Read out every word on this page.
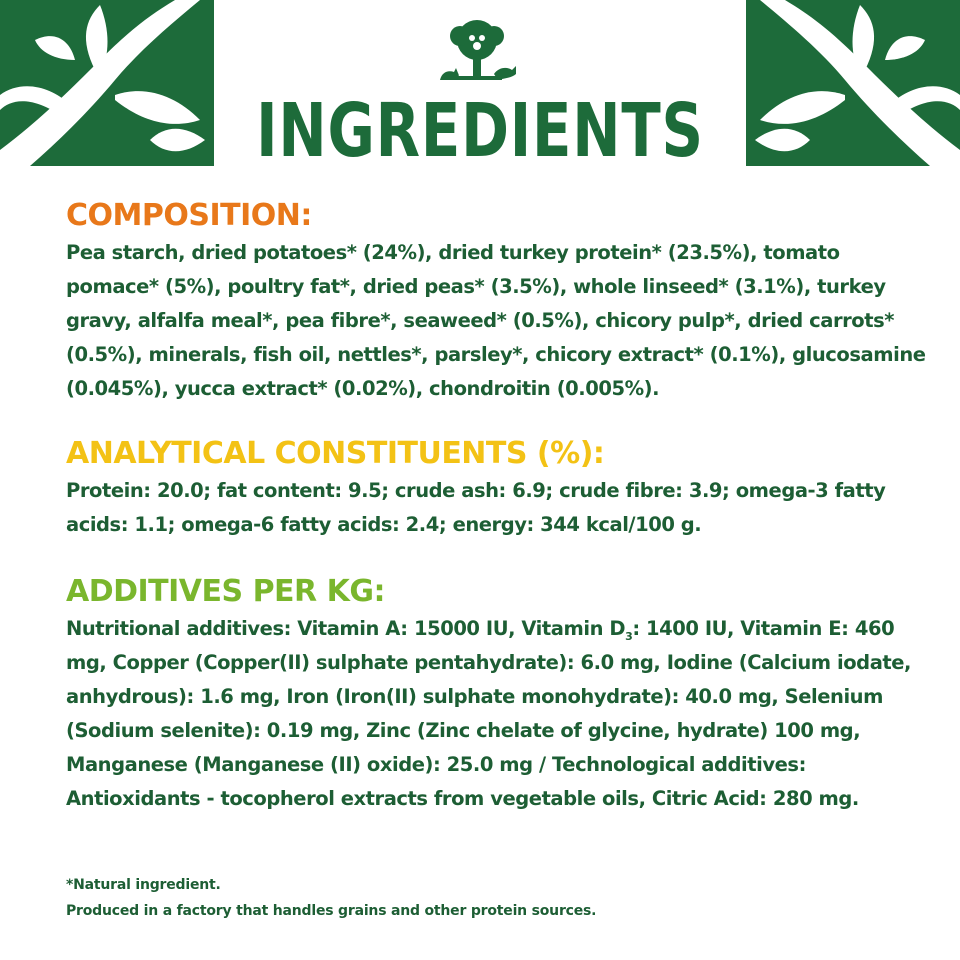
INGREDIENTS
COMPOSITION:

Pea starch, dried potatoes* (24%), dried turkey protein* (23.5%), tomato pomace* (5%), poultry fat*, dried peas* (3.5%), whole linseed* (3.1%), turkey gravy, alfalfa meal*, pea fibre*, seaweed* (0.5%), chicory pulp*, dried carrots* (0.5%), minerals, fish oil, nettles*, parsley*, chicory extract* (0.1%), glucosamine (0.045%), yucca extract* (0.02%), chondroitin (0.005%).

ANALYTICAL CONSTITUENTS (%):

Protein: 20.0; fat content: 9.5; crude ash: 6.9; crude fibre: 3.9; omega-3 fatty acids: 1.1; omega-6 fatty acids: 2.4; energy: 344 kcal/100 g.

ADDITIVES PER KG:

Nutritional additives: Vitamin A: 15000 IU, Vitamin $D_3$: 1400 IU, Vitamin E: 460 mg, Copper (Copper(II) sulphate pentahydrate): 6.0 mg, Iodine (Calcium iodate, anhydrous): 1.6 mg, Iron (Iron(II) sulphate monohydrate): 40.0 mg, Selenium (Sodium selenite): 0.19 mg, Zinc (Zinc chelate of glycine, hydrate) 100 mg, Manganese (Manganese (II) oxide): 25.0 mg / Technological additives: Antioxidants - tocopherol extracts from vegetable oils, Citric Acid: 280 mg.

*Natural ingredient.
Produced in a factory that handles grains and other protein sources.
